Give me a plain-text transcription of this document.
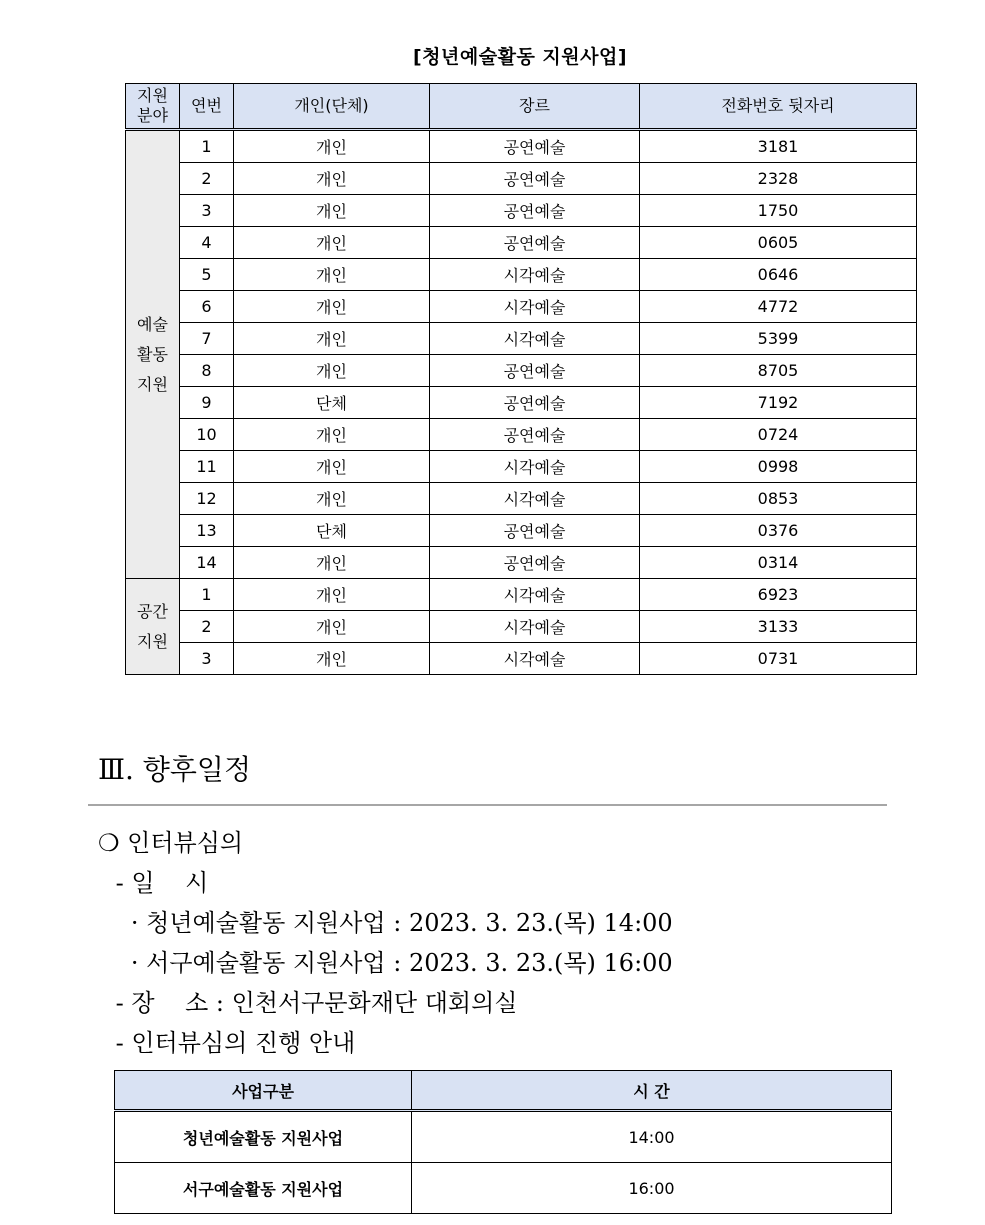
[청년예술활동 지원사업]
지원
분야	연번	개인(단체)	장르	전화번호 뒷자리
예술
활동
지원	1	개인	공연예술	3181
	2	개인	공연예술	2328
	3	개인	공연예술	1750
	4	개인	공연예술	0605
	5	개인	시각예술	0646
	6	개인	시각예술	4772
	7	개인	시각예술	5399
	8	개인	공연예술	8705
	9	단체	공연예술	7192
	10	개인	공연예술	0724
	11	개인	시각예술	0998
	12	개인	시각예술	0853
	13	단체	공연예술	0376
	14	개인	공연예술	0314
공간
지원	1	개인	시각예술	6923
	2	개인	시각예술	3133
	3	개인	시각예술	0731
Ⅲ. 향후일정
❍ 인터뷰심의
- 일    시
· 청년예술활동 지원사업 : 2023. 3. 23.(목) 14:00
· 서구예술활동 지원사업 : 2023. 3. 23.(목) 16:00
- 장    소 : 인천서구문화재단 대회의실
- 인터뷰심의 진행 안내
사업구분	시 간
청년예술활동 지원사업	14:00
서구예술활동 지원사업	16:00
